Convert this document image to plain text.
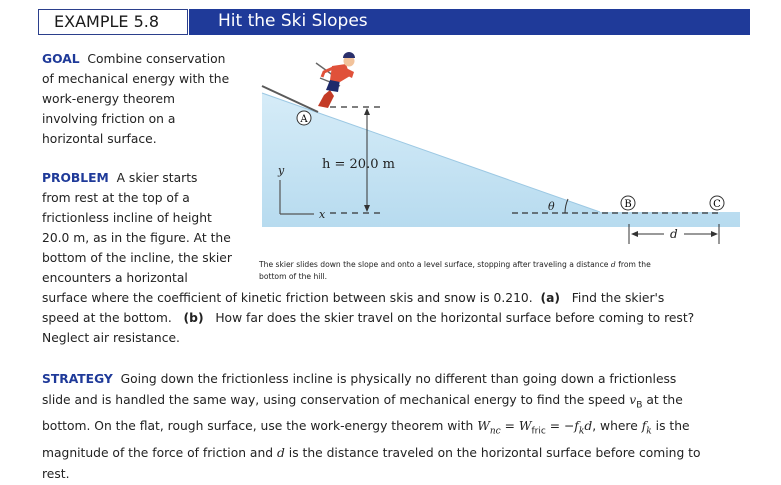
EXAMPLE 5.8	Hit the Ski Slopes
GOAL Combine conservation
of mechanical energy with the
work-energy theorem
involving friction on a
horizontal surface.
PROBLEM A skier starts
from rest at the top of a
frictionless incline of height
20.0 m, as in the figure. At the
bottom of the incline, the skier
encounters a horizontal
surface where the coefficient of kinetic friction between skis and snow is 0.210. (a) Find the skier's
speed at the bottom. (b) How far does the skier travel on the horizontal surface before coming to rest?
Neglect air resistance.
A
B	C
h = 20.0 m
y
x
θ
d
The skier slides down the slope and onto a level surface, stopping after traveling a distance d from the
bottom of the hill.
STRATEGY Going down the frictionless incline is physically no different than going down a frictionless
slide and is handled the same way, using conservation of mechanical energy to find the speed $v_B$ at the
bottom. On the flat, rough surface, use the work-energy theorem with $W_{nc} = W_{fric} = -f_kd$, where $f_k$ is the
magnitude of the force of friction and d is the distance traveled on the horizontal surface before coming to
rest.
